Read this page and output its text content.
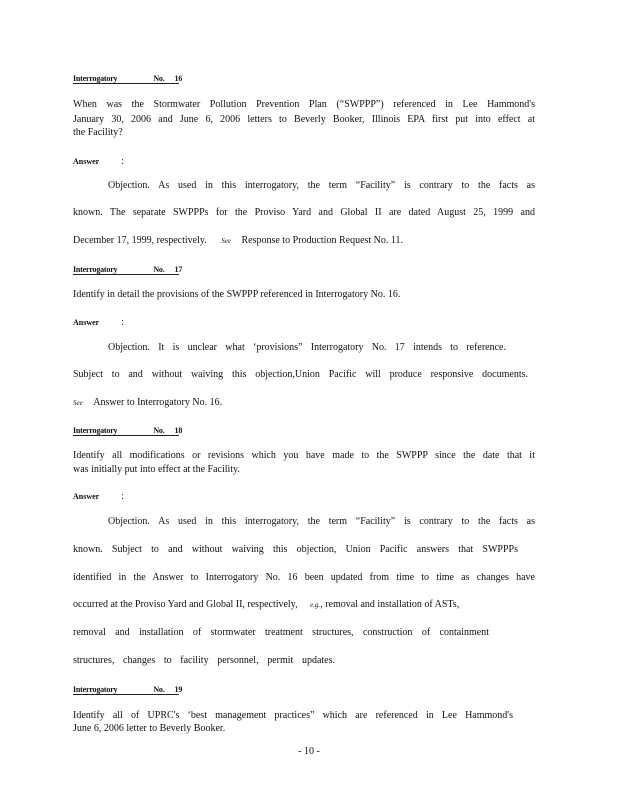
Interrogatory	No. 16
When was the Stormwater Pollution Prevention Plan (“SWPPP”) referenced in Lee Hammond's
January 30, 2006 and June 6, 2006 letters to Beverly Booker, Illinois EPA first put into effect at
the Facility?
Answer :
Objection. As used in this interrogatory, the term “Facility” is contrary to the facts as
known. The separate SWPPPs for the Proviso Yard and Global II are dated August 25, 1999 and
December 17, 1999, respectively. See Response to Production Request No. 11.
Interrogatory	No. 17
Identify in detail the provisions of the SWPPP referenced in Interrogatory No. 16.
Answer :
Objection. It is unclear what ‘provisions” Interrogatory No. 17 intends to reference.
Subject to and without waiving this objection,Union Pacific will produce responsive documents.
See Answer to Interrogatory No. 16.
Interrogatory	No. 18
Identify all modifications or revisions which you have made to the SWPPP since the date that it
was initially put into effect at the Facility.
Answer :
Objection. As used in this interrogatory, the term “Facility” is contrary to the facts as
known. Subject to and without waiving this objection, Union Pacific answers that SWPPPs
identified in the Answer to Interrogatory No. 16 been updated from time to time as changes have
occurred at the Proviso Yard and Global II, respectively, e.g., removal and installation of ASTs,
removal and installation of stormwater treatment structures, construction of containment
structures, changes to facility personnel, permit updates.
Interrogatory	No. 19
Identify all of UPRC's ‘best management practices” which are referenced in Lee Hammond's
June 6, 2006 letter to Beverly Booker.
- 10 -
